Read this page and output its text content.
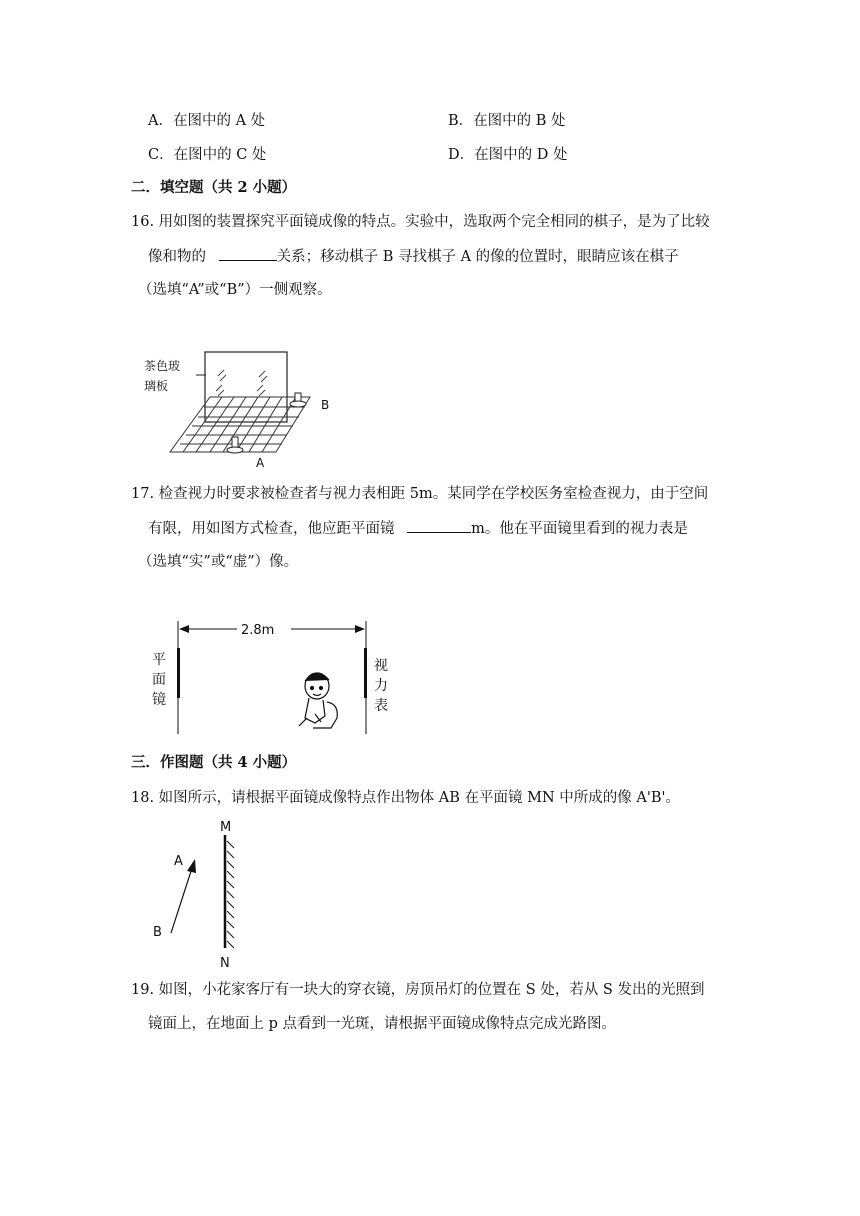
A．在图中的 A 处	B．在图中的 B 处
C．在图中的 C 处	D．在图中的 D 处
二．填空题（共 2 小题）
16. 用如图的装置探究平面镜成像的特点。实验中，选取两个完全相同的棋子，是为了比较
像和物的	关系；移动棋子 B 寻找棋子 A 的像的位置时，眼睛应该在棋子
（选填“A”或“B”）一侧观察。
茶色玻
璃板
B
A
17. 检查视力时要求被检查者与视力表相距 5m。某同学在学校医务室检查视力，由于空间
有限，用如图方式检查，他应距平面镜	m。他在平面镜里看到的视力表是
（选填“实”或“虚”）像。
2.8m
平
面
镜
视
力
表
三．作图题（共 4 小题）
18. 如图所示，请根据平面镜成像特点作出物体 AB 在平面镜 MN 中所成的像 A'B'。
M
N
A
B
19. 如图，小花家客厅有一块大的穿衣镜，房顶吊灯的位置在 S 处，若从 S 发出的光照到
镜面上，在地面上 p 点看到一光斑，请根据平面镜成像特点完成光路图。
